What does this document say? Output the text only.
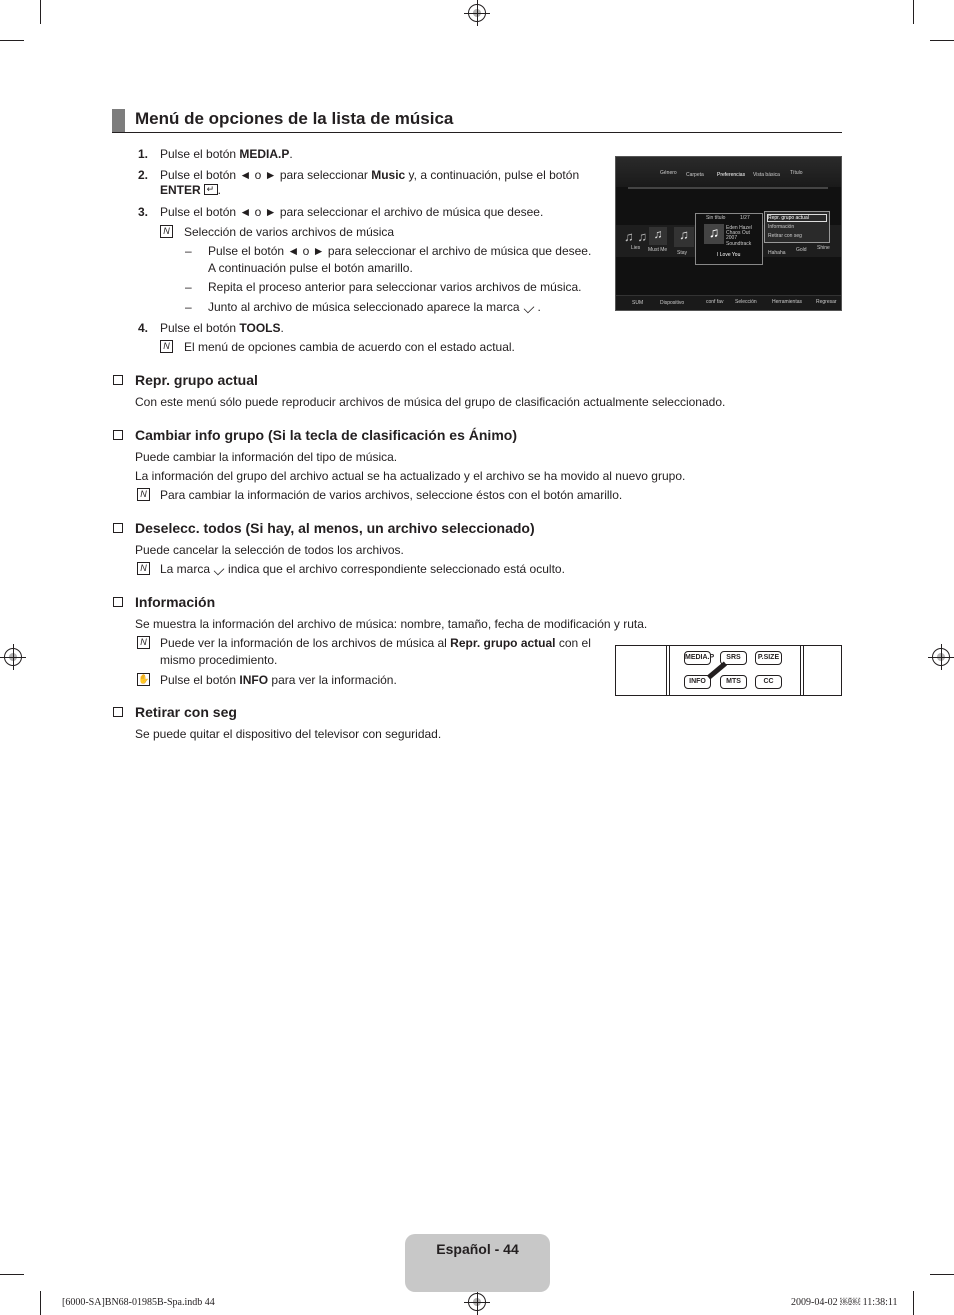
Menú de opciones de la lista de música
1. Pulse el botón MEDIA.P.
2. Pulse el botón ◄ o ► para seleccionar Music y, a continuación, pulse el botón
ENTER↵ .
3. Pulse el botón ◄ o ► para seleccionar el archivo de música que desee.
N Selección de varios archivos de música
– Pulse el botón ◄ o ► para seleccionar el archivo de música que desee.
A continuación pulse el botón amarillo.
– Repita el proceso anterior para seleccionar varios archivos de música.
– Junto al archivo de música seleccionado aparece la marca .
4. Pulse el botón TOOLS.
N El menú de opciones cambia de acuerdo con el estado actual.
Género Carpeta	Preferencias Vista básica Título
♫ ♫ ♫	♫
Lies Must Me Stay	Hahaha Gold Shine
♫
Sin título	1/27
Eden Hazel
Chaos Out
2007
Soundtrack
I Love You
Repr. grupo actual
Información
Retirar con seg
SUM	Dispositivo	conf fav Selección	Herramientas	Regresar
Repr. grupo actual
Con este menú sólo puede reproducir archivos de música del grupo de clasificación actualmente seleccionado.
Cambiar info grupo (Si la tecla de clasificación es Ánimo)
Puede cambiar la información del tipo de música.
La información del grupo del archivo actual se ha actualizado y el archivo se ha movido al nuevo grupo.
N Para cambiar la información de varios archivos, seleccione éstos con el botón amarillo.
Deselecc. todos (Si hay, al menos, un archivo seleccionado)
Puede cancelar la selección de todos los archivos.
N La marca indica que el archivo correspondiente seleccionado está oculto.
Información
Se muestra la información del archivo de música: nombre, tamaño, fecha de modificación y ruta.
N Puede ver la información de los archivos de música al Repr. grupo actual con el
mismo procedimiento.
✋ Pulse el botón INFO para ver la información.
MEDIA.P	SRS	P.SIZE
INFO	MTS	CC
Retirar con seg
Se puede quitar el dispositivo del televisor con seguridad.
Español - 44
[6000-SA]BN68-01985B-Spa.indb 44	2009-04-02 ￼￼ 11:38:11
